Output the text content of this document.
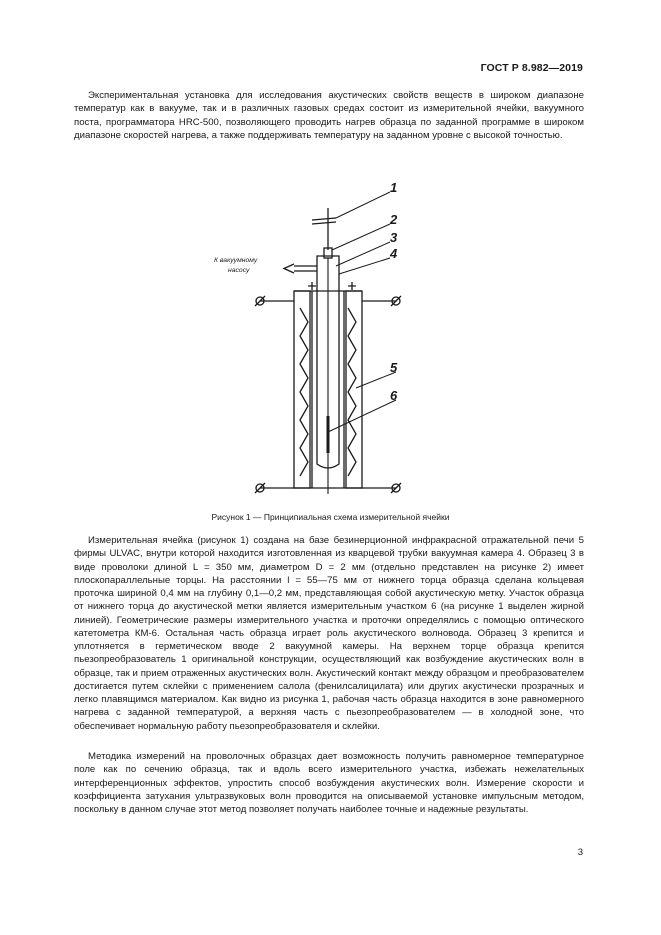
ГОСТ Р 8.982—2019

Экспериментальная установка для исследования акустических свойств веществ в широком диапазоне температур как в вакууме, так и в различных газовых средах состоит из измерительной ячейки, вакуумного поста, программатора HRC-500, позволяющего проводить нагрев образца по заданной программе в широком диапазоне скоростей нагрева, а также поддерживать температуру на заданном уровне с высокой точностью.

1
2
3
4
5
6
К вакуумному
насосу
Рисунок 1 — Принципиальная схема измерительной ячейки

Измерительная ячейка (рисунок 1) создана на базе безинерционной инфракрасной отражательной печи 5 фирмы ULVAC, внутри которой находится изготовленная из кварцевой трубки вакуумная камера 4. Образец 3 в виде проволоки длиной L = 350 мм, диаметром D = 2 мм (отдельно представлен на рисунке 2) имеет плоскопараллельные торцы. На расстоянии l = 55—75 мм от нижнего торца образца сделана кольцевая проточка шириной 0,4 мм на глубину 0,1—0,2 мм, представляющая собой акустическую метку. Участок образца от нижнего торца до акустической метки является измерительным участком 6 (на рисунке 1 выделен жирной линией). Геометрические размеры измерительного участка и проточки определялись с помощью оптического катетометра КМ-6. Остальная часть образца играет роль акустического волновода. Образец 3 крепится и уплотняется в герметическом вводе 2 вакуумной камеры. На верхнем торце образца крепится пьезопреобразователь 1 оригинальной конструкции, осуществляющий как возбуждение акустических волн в образце, так и прием отраженных акустических волн. Акустический контакт между образцом и преобразователем достигается путем склейки с применением салола (фенилсалицилата) или других акустически прозрачных и легко плавящимся материалом. Как видно из рисунка 1, рабочая часть образца находится в зоне равномерного нагрева с заданной температурой, а верхняя часть с пьезопреобразователем — в холодной зоне, что обеспечивает нормальную работу пьезопреобразователя и склейки.

Методика измерений на проволочных образцах дает возможность получить равномерное температурное поле как по сечению образца, так и вдоль всего измерительного участка, избежать нежелательных интерференционных эффектов, упростить способ возбуждения акустических волн. Измерение скорости и коэффициента затухания ультразвуковых волн проводится на описываемой установке импульсным методом, поскольку в данном случае этот метод позволяет получать наиболее точные и надежные результаты.

3
